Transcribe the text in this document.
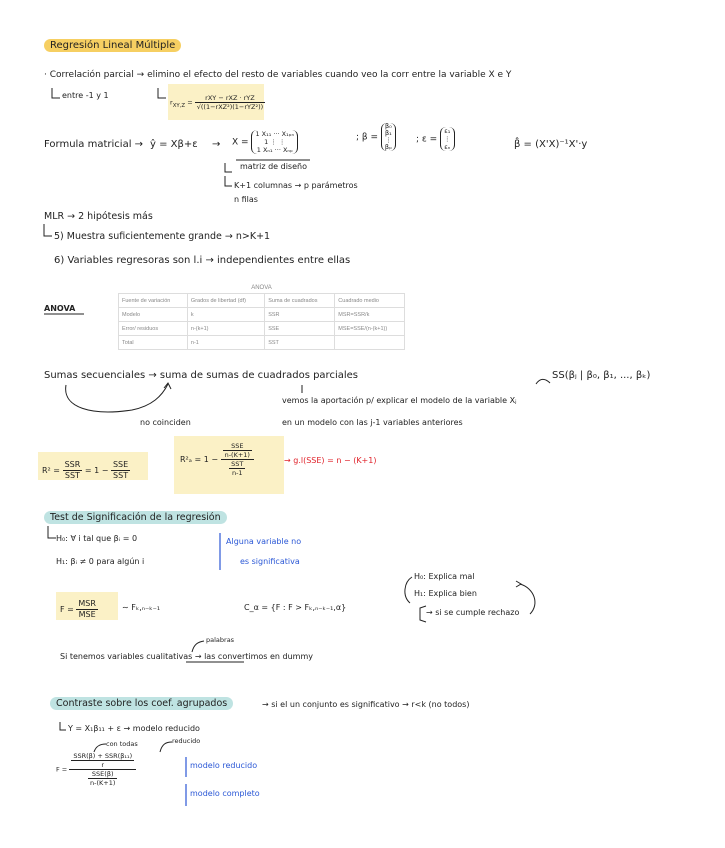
Regresión Lineal Múltiple
· Correlación parcial → elimino el efecto del resto de variables cuando veo la corr entre la variable X e Y
entre -1 y 1
$r_{XY,Z} = \frac{\text{rXY − rXZ · rYZ}}{\text{√((1−rXZ²)(1−rYZ²))}}$
Formula matricial → ŷ = Xβ+ε → X =
1 X₁₁ ··· X₁ₚₙ
1 ⋮ ⋮
1 Xₙ₁ ··· Xₙₚ
matriz de diseño
; β =
β₀
β₁
⋮
βₚ
; ε =
ε₁
⋮
εₙ	β̂ = (X'X)⁻¹X'·y
K+1 columnas → p parámetros
n filas
MLR → 2 hipótesis más
5) Muestra suficientemente grande → n>K+1
6) Variables regresoras son l.i → independientes entre ellas
ANOVA
ANOVA
Fuente de variación	Grados de libertad (df)	Suma de cuadrados	Cuadrado medio
Modelo	k	SSR	MSR=SSR/k
Error/ residuos	n-(k+1)	SSE	MSE=SSE/(n-(k+1))
Total	n-1	SST	
Sumas secuenciales → suma de sumas de cuadrados parciales	SS(βⱼ | β₀, β₁, ..., βₖ)
vemos la aportación p/ explicar el modelo de la variable Xⱼ
en un modelo con las j-1 variables anteriores
no coinciden
$R^2 = \frac{\text{SSR}}{\text{SST}} = 1 - \frac{\text{SSE}}{\text{SST}}$
$R^2_a = 1 - \frac{\frac{\text{SSE}}{n-(K+1)}}{\frac{\text{SST}}{n-1}}$	→ g.l(SSE) = n − (K+1)
Test de Significación de la regresión
H₀: ∀ i tal que βᵢ = 0
H₁: βᵢ ≠ 0 para algún i
Alguna variable no
es significativa
$F = \frac{\text{MSR}}{\text{MSE}}$	∼ Fₖ,ₙ₋ₖ₋₁	C_α = {F : F > Fₖ,ₙ₋ₖ₋₁,α}
H₀: Explica mal
H₁: Explica bien
→ si se cumple rechazo
palabras
Si tenemos variables cualitativas → las convertimos en dummy
Contraste sobre los coef. agrupados	→ si el un conjunto es significativo → r<k (no todos)
Y = X₁β₁₁ + ε → modelo reducido
con todas	reducido
$F = \frac{\frac{\text{SSR(β) + SSR(β₁₁)}}{r}}{\frac{\text{SSE(β)}}{n-(K+1)}}$	modelo reducido
modelo completo
